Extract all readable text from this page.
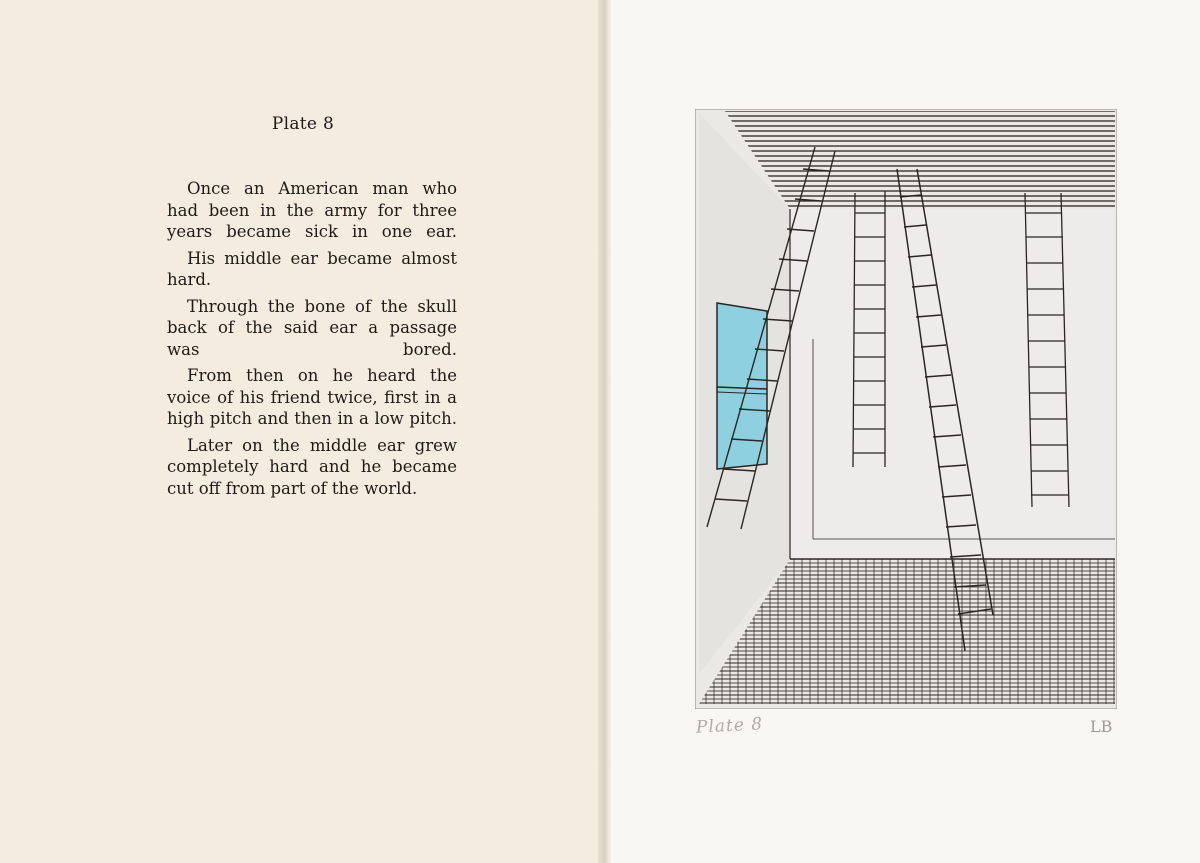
Plate 8

Once an American man who had been in the army for three years became sick in one ear.

His middle ear became almost hard.

Through the bone of the skull back of the said ear a passage was bored.

From then on he heard the voice of his friend twice, first in a high pitch and then in a low pitch.

Later on the middle ear grew completely hard and he became cut off from part of the world.

Plate 8	LB
